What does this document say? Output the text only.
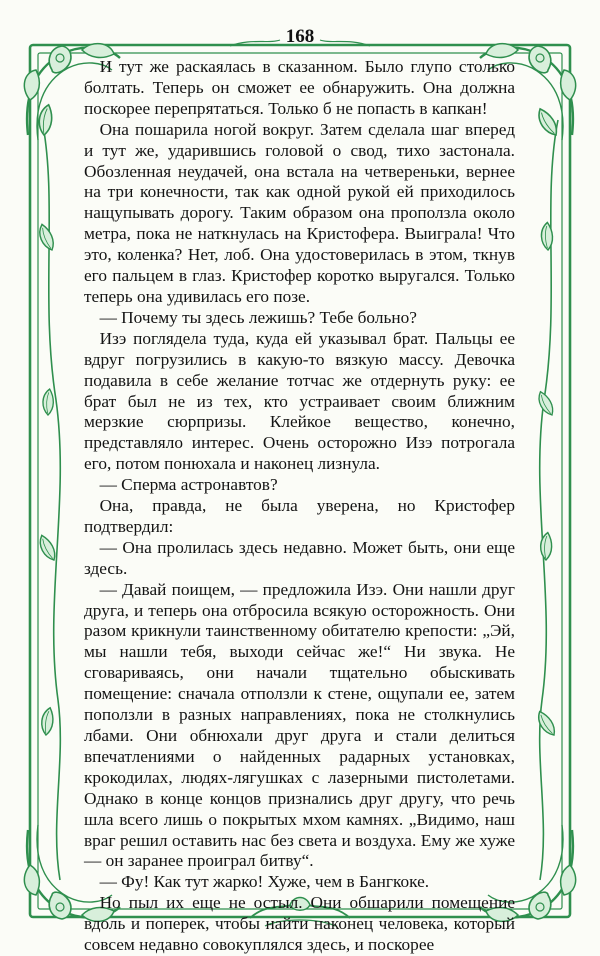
168

И тут же раскаялась в сказанном. Было глупо столько болтать. Теперь он сможет ее обнаружить. Она должна поскорее перепрятаться. Только б не попасть в капкан!

Она пошарила ногой вокруг. Затем сделала шаг вперед и тут же, ударившись головой о свод, тихо застонала. Обозленная неудачей, она встала на четвереньки, вернее на три конечности, так как одной рукой ей приходилось нащупывать дорогу. Таким образом она проползла около метра, пока не наткнулась на Кристофера. Выиграла! Что это, коленка? Нет, лоб. Она удостоверилась в этом, ткнув его пальцем в глаз. Кристофер коротко выругался. Только теперь она удивилась его позе.

— Почему ты здесь лежишь? Тебе больно?

Изэ поглядела туда, куда ей указывал брат. Пальцы ее вдруг погрузились в какую-то вязкую массу. Девочка подавила в себе желание тотчас же отдернуть руку: ее брат был не из тех, кто устраивает своим ближним мерзкие сюрпризы. Клейкое вещество, конечно, представляло интерес. Очень осторожно Изэ потрогала его, потом понюхала и наконец лизнула.

— Сперма астронавтов?

Она, правда, не была уверена, но Кристофер подтвердил:

— Она пролилась здесь недавно. Может быть, они еще здесь.

— Давай поищем, — предложила Изэ. Они нашли друг друга, и теперь она отбросила всякую осторожность. Они разом крикнули таинственному обитателю крепости: „Эй, мы нашли тебя, выходи сейчас же!“ Ни звука. Не сговариваясь, они начали тщательно обыскивать помещение: сначала отползли к стене, ощупали ее, затем поползли в разных направлениях, пока не столкнулись лбами. Они обнюхали друг друга и стали делиться впечатлениями о найденных радарных установках, крокодилах, людях-лягушках с лазерными пистолетами. Однако в конце концов признались друг другу, что речь шла всего лишь о покрытых мхом камнях. „Видимо, наш враг решил оставить нас без света и воздуха. Ему же хуже — он заранее проиграл битву“.

— Фу! Как тут жарко! Хуже, чем в Бангкоке.

Но пыл их еще не остыл. Они обшарили помещение вдоль и поперек, чтобы найти наконец человека, который совсем недавно совокуплялся здесь, и поскорее
